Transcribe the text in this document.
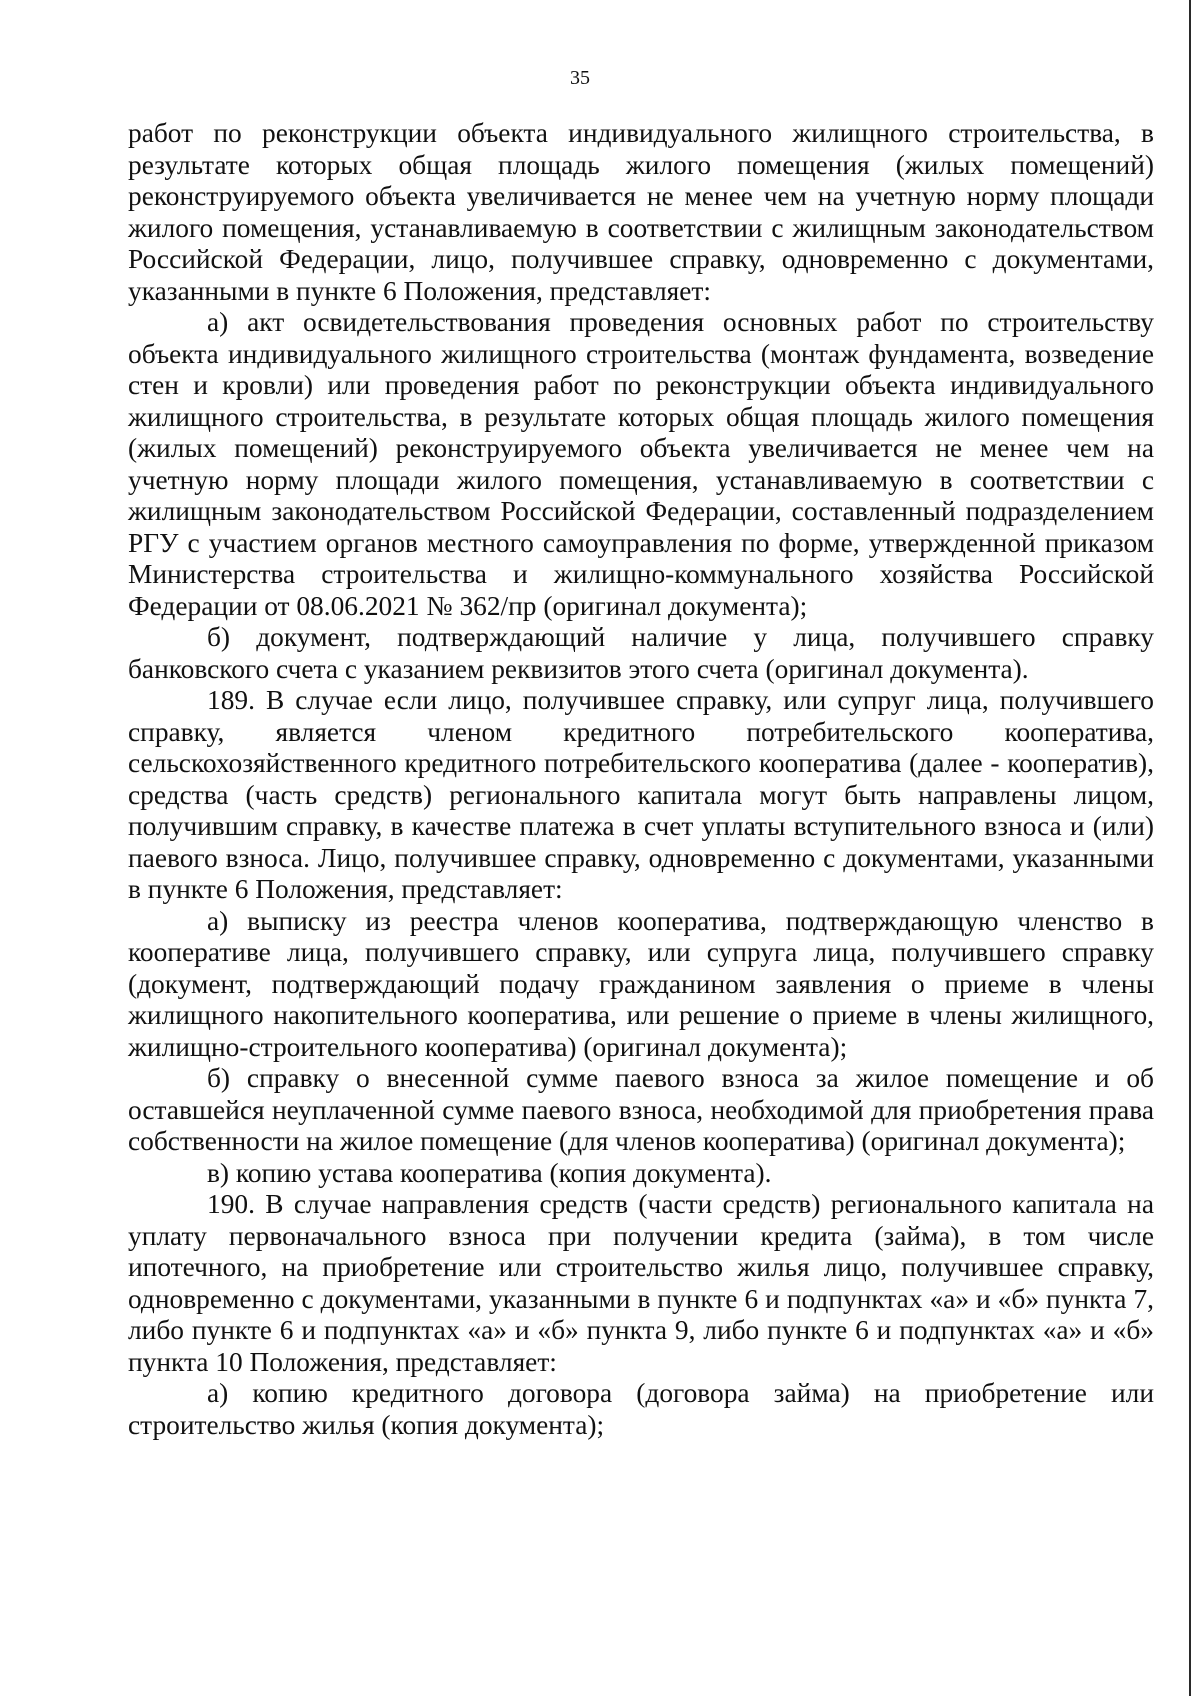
35

работ по реконструкции объекта индивидуального жилищного строительства, в результате которых общая площадь жилого помещения (жилых помещений) реконструируемого объекта увеличивается не менее чем на учетную норму площади жилого помещения, устанавливаемую в соответствии с жилищным законодательством Российской Федерации, лицо, получившее справку, одновременно с документами, указанными в пункте 6 Положения, представляет:

а) акт освидетельствования проведения основных работ по строительству объекта индивидуального жилищного строительства (монтаж фундамента, возведение стен и кровли) или проведения работ по реконструкции объекта индивидуального жилищного строительства, в результате которых общая площадь жилого помещения (жилых помещений) реконструируемого объекта увеличивается не менее чем на учетную норму площади жилого помещения, устанавливаемую в соответствии с жилищным законодательством Российской Федерации, составленный подразделением РГУ с участием органов местного самоуправления по форме, утвержденной приказом Министерства строительства и жилищно-коммунального хозяйства Российской Федерации от 08.06.2021 № 362/пр (оригинал документа);

б) документ, подтверждающий наличие у лица, получившего справку банковского счета с указанием реквизитов этого счета (оригинал документа).

189. В случае если лицо, получившее справку, или супруг лица, получившего справку, является членом кредитного потребительского кооператива, сельскохозяйственного кредитного потребительского кооператива (далее - кооператив), средства (часть средств) регионального капитала могут быть направлены лицом, получившим справку, в качестве платежа в счет уплаты вступительного взноса и (или) паевого взноса. Лицо, получившее справку, одновременно с документами, указанными в пункте 6 Положения, представляет:

а) выписку из реестра членов кооператива, подтверждающую членство в кооперативе лица, получившего справку, или супруга лица, получившего справку (документ, подтверждающий подачу гражданином заявления о приеме в члены жилищного накопительного кооператива, или решение о приеме в члены жилищного, жилищно-строительного кооператива) (оригинал документа);

б) справку о внесенной сумме паевого взноса за жилое помещение и об оставшейся неуплаченной сумме паевого взноса, необходимой для приобретения права собственности на жилое помещение (для членов кооператива) (оригинал документа);

в) копию устава кооператива (копия документа).

190. В случае направления средств (части средств) регионального капитала на уплату первоначального взноса при получении кредита (займа), в том числе ипотечного, на приобретение или строительство жилья лицо, получившее справку, одновременно с документами, указанными в пункте 6 и подпунктах «а» и «б» пункта 7, либо пункте 6 и подпунктах «а» и «б» пункта 9, либо пункте 6 и подпунктах «а» и «б» пункта 10 Положения, представляет:

а) копию кредитного договора (договора займа) на приобретение или строительство жилья (копия документа);
